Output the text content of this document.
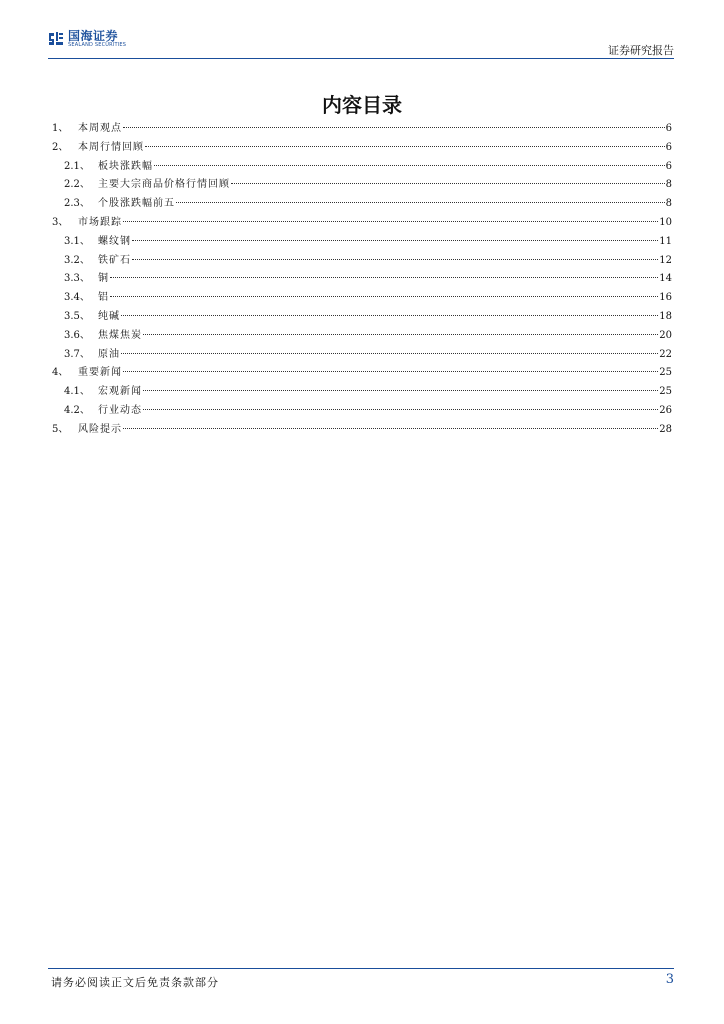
国海证券
SEALAND SECURITIES	证券研究报告
内容目录
1、 本周观点	6
2、 本周行情回顾	6
2.1、 板块涨跌幅	6
2.2、 主要大宗商品价格行情回顾	8
2.3、 个股涨跌幅前五	8
3、 市场跟踪	10
3.1、 螺纹钢	11
3.2、 铁矿石	12
3.3、 铜	14
3.4、 铝	16
3.5、 纯碱	18
3.6、 焦煤焦炭	20
3.7、 原油	22
4、 重要新闻	25
4.1、 宏观新闻	25
4.2、 行业动态	26
5、 风险提示	28
请务必阅读正文后免责条款部分	3
